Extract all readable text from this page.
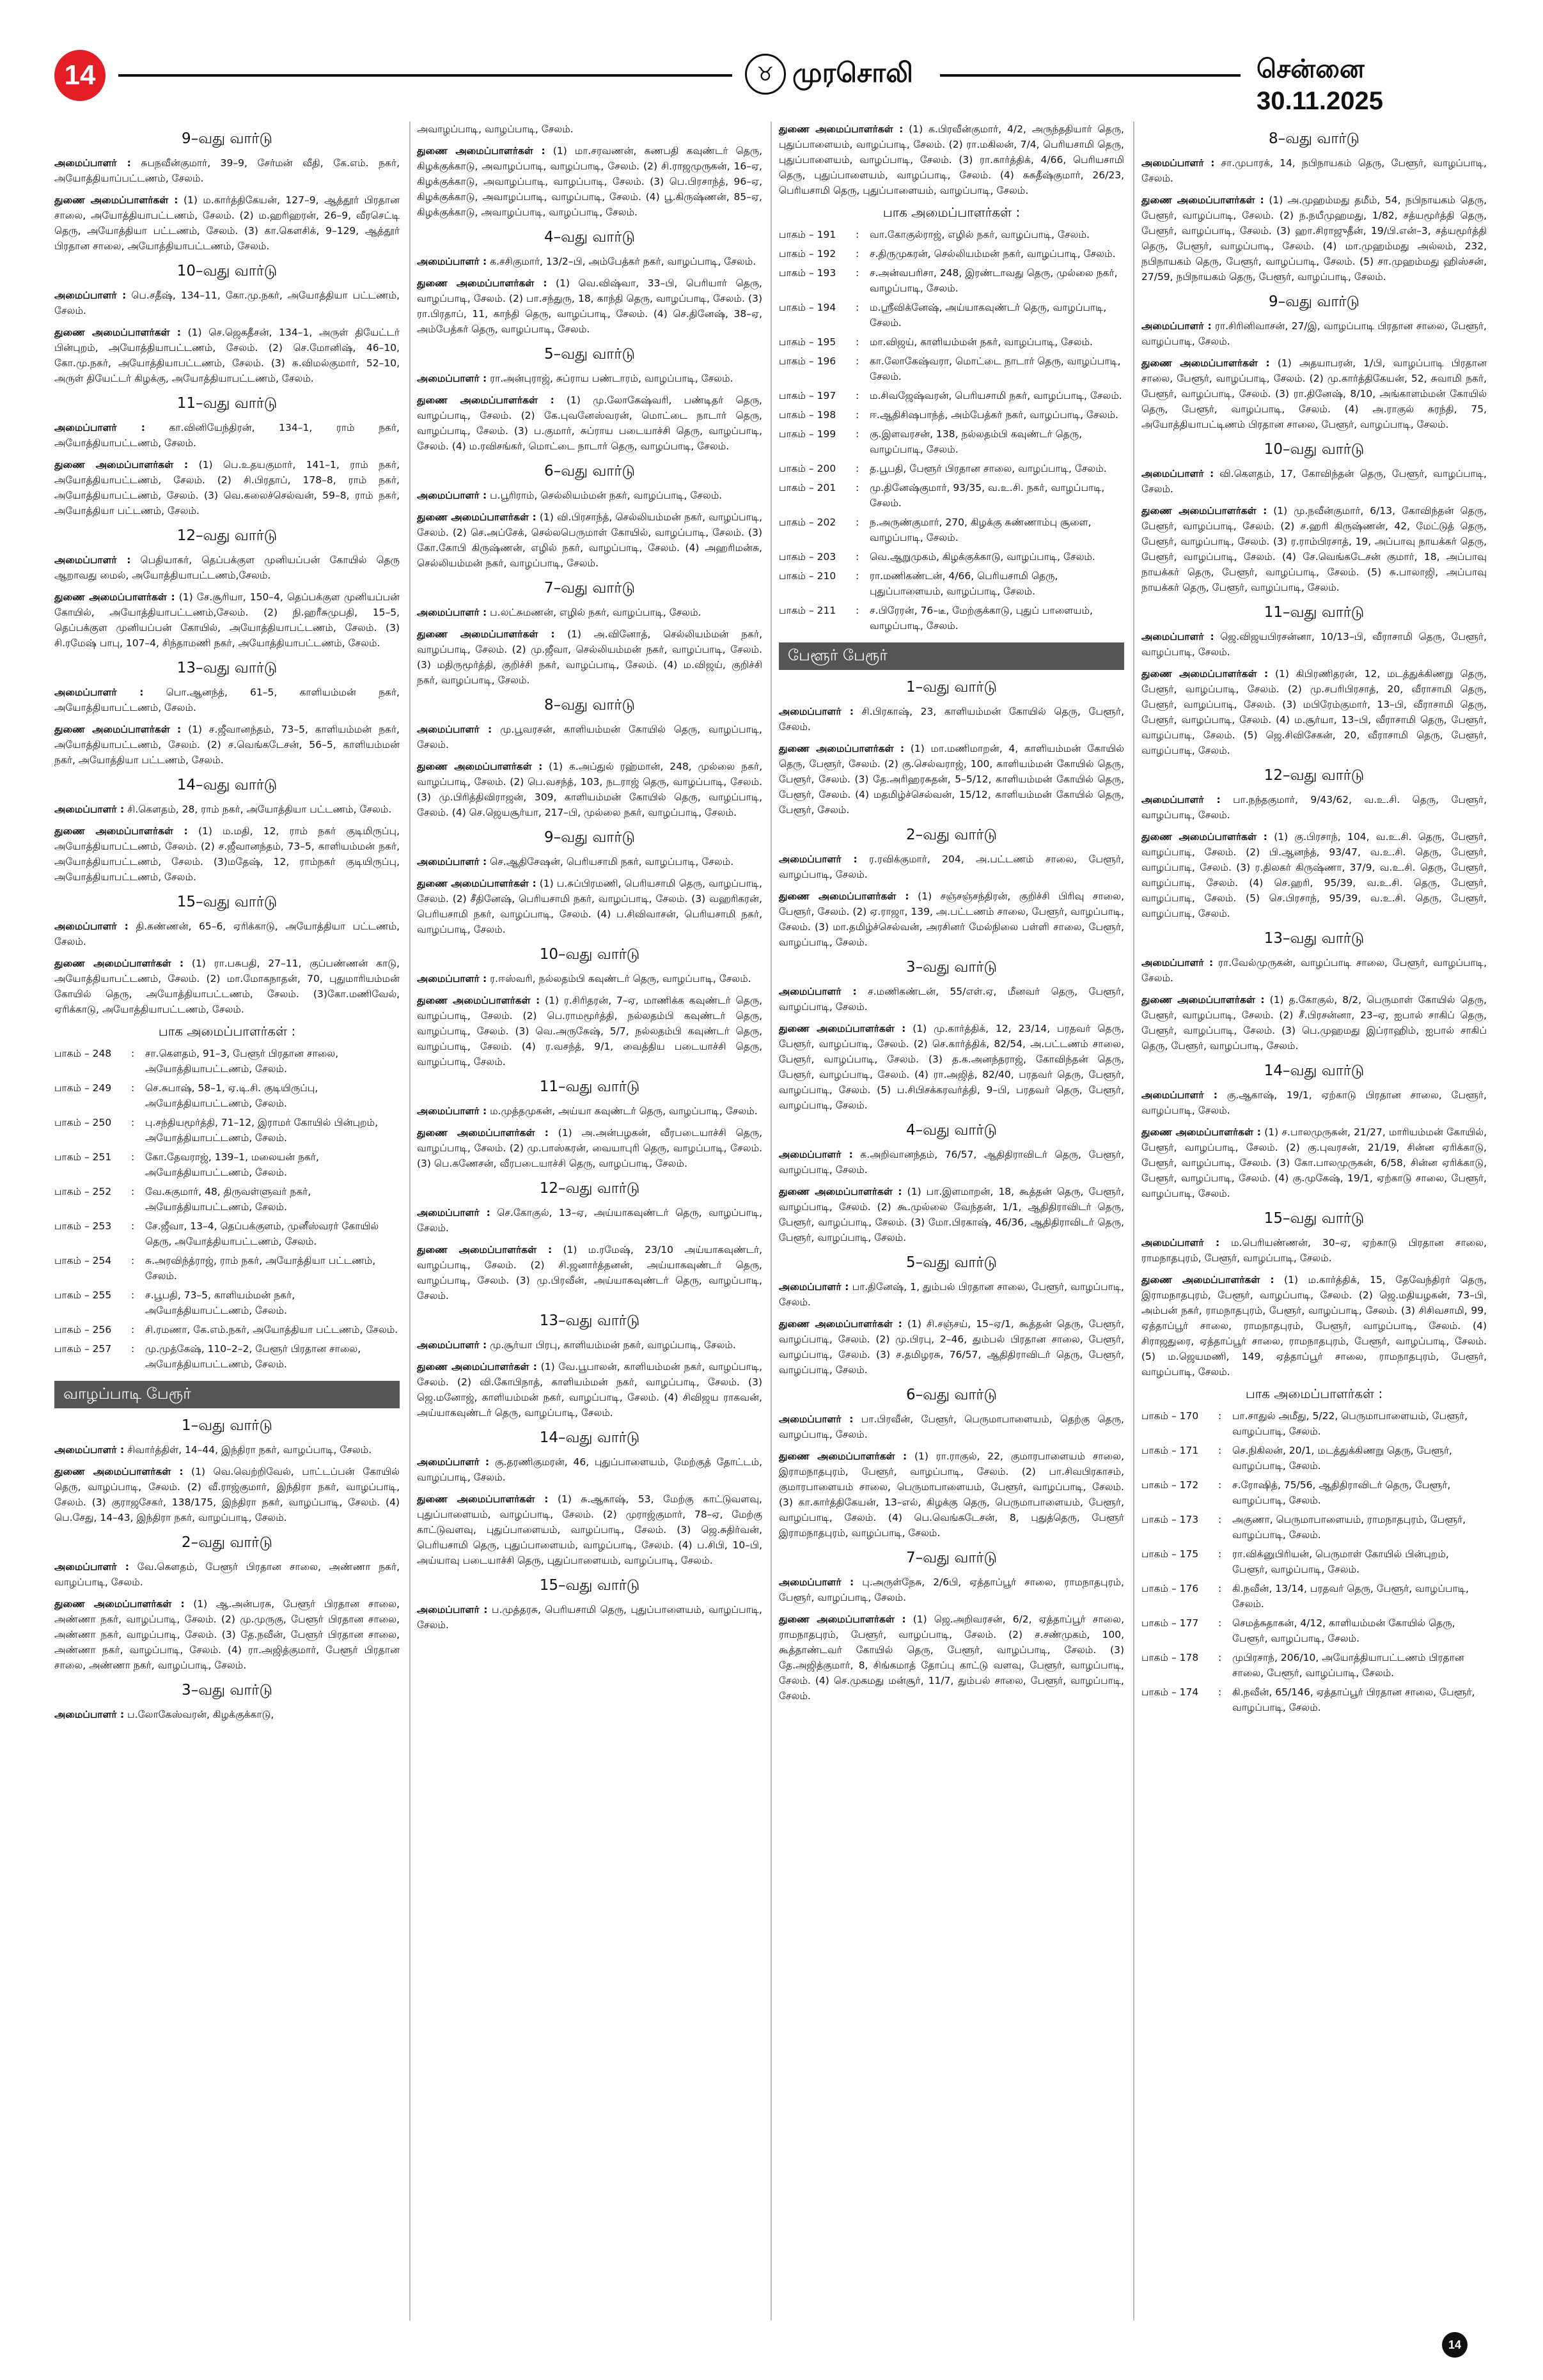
14	♉ முரசொலி	சென்னை 30.11.2025
9–வது வார்டு

அமைப்பாளர் : சுபநவீன்குமார், 39–9, சேர்மன் வீதி, கே.எம். நகர், அயோத்தியாப்பட்டணம், சேலம்.

துணை அமைப்பாளர்கள் : (1) ம.கார்த்திகேயன், 127–9, ஆத்தூர் பிரதான சாலை, அயோத்தியாபட்டணம், சேலம். (2) ம.ஹரிஹரன், 26–9, வீரசெட்டி தெரு, அயோத்தியா பட்டணம், சேலம். (3) கா.கௌசிக், 9–129, ஆத்தூர் பிரதான சாலை, அயோத்தியாபட்டணம், சேலம்.

10–வது வார்டு

அமைப்பாளர் : பெ.சதீஷ், 134–11, கோ.மு.நகர், அயோத்தியா பட்டணம், சேலம்.

துணை அமைப்பாளர்கள் : (1) செ.ஜெகதீசன், 134–1, அருள் தியேட்டர் பின்புறம், அயோத்தியாபட்டணம், சேலம். (2) செ.மோனிஷ், 46–10, கோ.மு.நகர், அயோத்தியாபட்டணம், சேலம். (3) க.விமல்குமார், 52–10, அருள் தியேட்டர் கிழக்கு, அயோத்தியாபட்டணம், சேலம்.

11–வது வார்டு

அமைப்பாளர் : கா.வினியேந்திரன், 134–1, ராம் நகர், அயோத்தியாபட்டணம், சேலம்.

துணை அமைப்பாளர்கள் : (1) பெ.உதயகுமார், 141–1, ராம் நகர், அயோத்தியாபட்டணம், சேலம். (2) சி.பிரதாப், 178–8, ராம் நகர், அயோத்தியாபட்டணம், சேலம். (3) வெ.கலைச்செல்வன், 59–8, ராம் நகர், அயோத்தியா பட்டணம், சேலம்.

12–வது வார்டு

அமைப்பாளர் : பெதியாகர், தெப்பக்குள முனியப்பன் கோயில் தெரு ஆறாவது மைல், அயோத்தியாபட்டணம்,சேலம்.

துணை அமைப்பாளர்கள் : (1) சே.சூரியா, 150–4, தெப்பக்குள முனியப்பன் கோயில், அயோத்தியாபட்டணம்,சேலம். (2) நி.ஹரீசுமுபதி, 15–5, தெப்பக்குள முனியப்பன் கோயில், அயோத்தியாபட்டணம், சேலம். (3) சி.ரமேஷ் பாபு, 107–4, சிந்தாமணி நகர், அயோத்தியாபட்டணம், சேலம்.

13–வது வார்டு

அமைப்பாளர் : பொ.ஆனந்த், 61–5, காளியம்மன் நகர், அயோத்தியாபட்டணம், சேலம்.

துணை அமைப்பாளர்கள் : (1) ச.ஜீவானந்தம், 73–5, காளியம்மன் நகர், அயோத்தியாபட்டணம், சேலம். (2) ச.வெங்கடேசன், 56–5, காளியம்மன் நகர், அயோத்தியா பட்டணம், சேலம்.

14–வது வார்டு

அமைப்பாளர் : சி.கௌதம், 28, ராம் நகர், அயோத்தியா பட்டணம், சேலம்.

துணை அமைப்பாளர்கள் : (1) ம.மதி, 12, ராம் நகர் குடிமிருப்பு, அயோத்தியாபட்டணம், சேலம். (2) ச.ஜீவானந்தம், 73–5, காளியம்மன் நகர், அயோத்தியாபட்டணம், சேலம். (3)மதேஷ், 12, ராம்நகர் குடியிருப்பு, அயோத்தியாபட்டணம், சேலம்.

15–வது வார்டு

அமைப்பாளர் : தி.கண்ணன், 65–6, ஏரிக்காடு, அயோத்தியா பட்டணம், சேலம்.

துணை அமைப்பாளர்கள் : (1) ரா.பசுபதி, 27–11, குப்பண்ணன் காடு, அயோத்தியாபட்டணம், சேலம். (2) மா.மோகநாதன், 70, புதுமாரியம்மன் கோயில் தெரு, அயோத்தியாபட்டணம், சேலம். (3)கோ.மணிவேல், ஏரிக்காடு, அயோத்தியாபட்டணம், சேலம்.

பாக அமைப்பாளர்கள் :
பாகம் – 248	:	சா.கௌதம், 91–3, பேளூர் பிரதான சாலை, அயோத்தியாபட்டணம், சேலம்.
பாகம் – 249	:	செ.சுபாஷ், 58–1, ஏ.டி.சி. குடியிருப்பு, அயோத்தியாபட்டணம், சேலம்.
பாகம் – 250	:	பு.சந்தியமூர்த்தி, 71–12, இராமர் கோயில் பின்புறம், அயோத்தியாபட்டணம், சேலம்.
பாகம் – 251	:	கோ.தேவராஜ், 139–1, மலையன் நகர், அயோத்தியாபட்டணம், சேலம்.
பாகம் – 252	:	வே.சுகுமார், 48, திருவள்ளுவர் நகர், அயோத்தியாபட்டணம், சேலம்.
பாகம் – 253	:	சே.ஜீவா, 13–4, தெப்பக்குளம், முனீஸ்வரர் கோயில் தெரு, அயோத்தியாபட்டணம், சேலம்.
பாகம் – 254	:	சு.அரவிந்த்ராஜ், ராம் நகர், அயோத்தியா பட்டணம், சேலம்.
பாகம் – 255	:	ச.பூபதி, 73–5, காளியம்மன் நகர், அயோத்தியாபட்டணம், சேலம்.
பாகம் – 256	:	சி.ரமணா, கே.எம்.நகர், அயோத்தியா பட்டணம், சேலம்.
பாகம் – 257	:	மு.முத்கேஷ், 110–2–2, பேளூர் பிரதான சாலை, அயோத்தியாபட்டணம், சேலம்.
வாழப்பாடி பேரூர்
1–வது வார்டு

அமைப்பாளர் : சிவார்த்திள், 14–44, இந்திரா நகர், வாழப்பாடி, சேலம்.

துணை அமைப்பாளர்கள் : (1) வெ.வெற்றிவேல், பாட்டப்பன் கோயில் தெரு, வாழப்பாடி, சேலம். (2) வீ.ராஜ்குமார், இந்திரா நகர், வாழப்பாடி, சேலம். (3) குராஜசேகர், 138/175, இந்திரா நகர், வாழப்பாடி, சேலம். (4) பெ.சேது, 14–43, இந்திரா நகர், வாழப்பாடி, சேலம்.

2–வது வார்டு

அமைப்பாளர் : வே.கௌதம், பேளூர் பிரதான சாலை, அண்ணா நகர், வாழப்பாடி, சேலம்.

துணை அமைப்பாளர்கள் : (1) ஆ.அன்பரசு, பேளூர் பிரதான சாலை, அண்ணா நகர், வாழப்பாடி, சேலம். (2) மு.முருகு, பேளூர் பிரதான சாலை, அண்ணா நகர், வாழப்பாடி, சேலம். (3) தே.நவீன், பேளூர் பிரதான சாலை, அண்ணா நகர், வாழப்பாடி, சேலம். (4) ரா.அஜித்குமார், பேளூர் பிரதான சாலை, அண்ணா நகர், வாழப்பாடி, சேலம்.

3–வது வார்டு

அமைப்பாளர் : ப.லோகேஸ்வரன், கிழக்குக்காடு,

அவாழப்பாடி, வாழப்பாடி, சேலம்.

துணை அமைப்பாளர்கள் : (1) மா.சரவணன், கணபதி கவுண்டர் தெரு, கிழக்குக்காடு, அவாழப்பாடி, வாழப்பாடி, சேலம். (2) சி.ராஜமுருகன், 16–ஏ, கிழக்குக்காடு, அவாழப்பாடி, வாழப்பாடி, சேலம். (3) பெ.பிரசாந்த், 96–ஏ, கிழக்குக்காடு, அவாழப்பாடி, வாழப்பாடி, சேலம். (4) பூ.கிருஷ்ணன், 85–ஏ, கிழக்குக்காடு, அவாழப்பாடி, வாழப்பாடி, சேலம்.

4–வது வார்டு

அமைப்பாளர் : க.சசிகுமார், 13/2–பி, அம்பேத்கர் நகர், வாழப்பாடி, சேலம்.

துணை அமைப்பாளர்கள் : (1) வெ.விஷ்வா, 33–பி, பெரியார் தெரு, வாழப்பாடி, சேலம். (2) பா.சந்துரு, 18, காந்தி தெரு, வாழப்பாடி, சேலம். (3) ரா.பிரதாப், 11, காந்தி தெரு, வாழப்பாடி, சேலம். (4) செ.தினேஷ், 38–ஏ, அம்பேத்கர் தெரு, வாழப்பாடி, சேலம்.

5–வது வார்டு

அமைப்பாளர் : ரா.அன்புராஜ், சுப்ராய பண்டாரம், வாழப்பாடி, சேலம்.

துணை அமைப்பாளர்கள் : (1) மு.லோகேஷ்வரி, பண்டிதர் தெரு, வாழப்பாடி, சேலம். (2) கே.புவனேஸ்வரன், மொட்டை நாடார் தெரு, வாழப்பாடி, சேலம். (3) ப.குமார், சுப்ராய படையாச்சி தெரு, வாழப்பாடி, சேலம். (4) ம.ரவிசங்கர், மொட்டை நாடார் தெரு, வாழப்பாடி, சேலம்.

6–வது வார்டு

அமைப்பாளர் : ப.பூரிராம், செல்லியம்மன் நகர், வாழப்பாடி, சேலம்.

துணை அமைப்பாளர்கள் : (1) வி.பிரசாந்த், செல்லியம்மன் நகர், வாழப்பாடி, சேலம். (2) செ.அப்சேக், செல்லபெருமாள் கோயில், வாழப்பாடி, சேலம். (3) கோ.கோபி கிருஷ்ணன், எழில் நகர், வாழப்பாடி, சேலம். (4) அஹரிமன்சு, செல்லியம்மன் நகர், வாழப்பாடி, சேலம்.

7–வது வார்டு

அமைப்பாளர் : ப.லட்சுமணன், எழில் நகர், வாழப்பாடி, சேலம்.

துணை அமைப்பாளர்கள் : (1) அ.வினோத், செல்லியம்மன் நகர், வாழப்பாடி, சேலம். (2) மு.ஜீவா, செல்லியம்மன் நகர், வாழப்பாடி, சேலம். (3) மதிருமூர்த்தி, குறிச்சி நகர், வாழப்பாடி, சேலம். (4) ம.விஜய், குறிச்சி நகர், வாழப்பாடி, சேலம்.

8–வது வார்டு

அமைப்பாளர் : மு.பூவரசன், காளியம்மன் கோயில் தெரு, வாழப்பாடி, சேலம்.

துணை அமைப்பாளர்கள் : (1) க.அப்துல் ரஹ்மான், 248, முல்லை நகர், வாழப்பாடி, சேலம். (2) பெ.வசந்த், 103, நடராஜ் தெரு, வாழப்பாடி, சேலம். (3) மு.பிரித்திவிராஜன், 309, காளியம்மன் கோயில் தெரு, வாழப்பாடி, சேலம். (4) செ.ஜெயசூர்யா, 217–பி, முல்லை நகர், வாழப்பாடி, சேலம்.

9–வது வார்டு

அமைப்பாளர் : செ.ஆதிசேஷன், பெரியசாமி நகர், வாழப்பாடி, சேலம்.

துணை அமைப்பாளர்கள் : (1) ப.சுப்பிரமணி, பெரியசாமி தெரு, வாழப்பாடி, சேலம். (2) சீதினேஷ், பெரியசாமி நகர், வாழப்பாடி, சேலம். (3) வஹரிகரன், பெரியசாமி நகர், வாழப்பாடி, சேலம். (4) ப.சிவிவாசன், பெரியசாமி நகர், வாழப்பாடி, சேலம்.

10–வது வார்டு

அமைப்பாளர் : ர.ஈஸ்வரி, நல்லதம்பி கவுண்டர் தெரு, வாழப்பாடி, சேலம்.

துணை அமைப்பாளர்கள் : (1) ர.சிரிதரன், 7–ஏ, மாணிக்க கவுண்டர் தெரு, வாழப்பாடி, சேலம். (2) பெ.ராமமூர்த்தி, நல்லதம்பி கவுண்டர் தெரு, வாழப்பாடி, சேலம். (3) வெ.அருகேஷ், 5/7, நல்லதம்பி கவுண்டர் தெரு, வாழப்பாடி, சேலம். (4) ர.வசந்த், 9/1, வைத்திய படையாச்சி தெரு, வாழப்பாடி, சேலம்.

11–வது வார்டு

அமைப்பாளர் : ம.முத்தமுகன், அய்யா கவுண்டர் தெரு, வாழப்பாடி, சேலம்.

துணை அமைப்பாளர்கள் : (1) அ.அன்பழகன், வீரபடையாச்சி தெரு, வாழப்பாடி, சேலம். (2) மு.பாஸ்கரன், வையாபுரி தெரு, வாழப்பாடி, சேலம். (3) பெ.கணேசன், வீரபடையாச்சி தெரு, வாழப்பாடி, சேலம்.

12–வது வார்டு

அமைப்பாளர் : செ.கோகுல், 13–ஏ, அய்யாகவுண்டர் தெரு, வாழப்பாடி, சேலம்.

துணை அமைப்பாளர்கள் : (1) ம.ரமேஷ், 23/10 அய்யாகவுண்டர், வாழப்பாடி, சேலம். (2) சி.ஜனார்த்தனன், அய்யாகவுண்டர் தெரு, வாழப்பாடி, சேலம். (3) மு.பிரவீன், அய்யாகவுண்டர் தெரு, வாழப்பாடி, சேலம்.

13–வது வார்டு

அமைப்பாளர் : மு.சூர்யா பிரபு, காளியம்மன் நகர், வாழப்பாடி, சேலம்.

துணை அமைப்பாளர்கள் : (1) வே.பூபாலன், காளியம்மன் நகர், வாழப்பாடி, சேலம். (2) வி.கோபிநாத், காளியம்மன் நகர், வாழப்பாடி, சேலம். (3) ஜெ.மனோஜ், காளியம்மன் நகர், வாழப்பாடி, சேலம். (4) சிவிஜய ராகவன், அய்யாகவுண்டர் தெரு, வாழப்பாடி, சேலம்.

14–வது வார்டு

அமைப்பாளர் : கு.தரணிகுமரன், 46, புதுப்பாளையம், மேற்குத் தோட்டம், வாழப்பாடி, சேலம்.

துணை அமைப்பாளர்கள் : (1) சு.ஆகாஷ், 53, மேற்கு காட்டுவளவு, புதுப்பாளையம், வாழப்பாடி, சேலம். (2) முராஜ்குமார், 78–ஏ, மேற்கு காட்டுவளவு, புதுப்பாளையம், வாழப்பாடி, சேலம். (3) ஜெ.சுதிர்வன், பெரியசாமி தெரு, புதுப்பாளையம், வாழப்பாடி, சேலம். (4) ப.சிபி, 10–பி, அய்யாவு படையாச்சி தெரு, புதுப்பாளையம், வாழப்பாடி, சேலம்.

15–வது வார்டு

அமைப்பாளர் : ப.முத்தரசு, பெரியசாமி தெரு, புதுப்பாளையம், வாழப்பாடி, சேலம்.

துணை அமைப்பாளர்கள் : (1) க.பிரவீன்குமார், 4/2, அருந்ததியார் தெரு, புதுப்பாளையம், வாழப்பாடி, சேலம். (2) ரா.மகிலன், 7/4, பெரியசாமி தெரு, புதுப்பாளையம், வாழப்பாடி, சேலம். (3) ரா.கார்த்திக், 4/66, பெரியசாமி தெரு, புதுப்பாளையம், வாழப்பாடி, சேலம். (4) சுசுதீஷ்குமார், 26/23, பெரியசாமி தெரு, புதுப்பாளையம், வாழப்பாடி, சேலம்.

பாக அமைப்பாளர்கள் :
பாகம் – 191	:	வா.கோகுல்ராஜ், எழில் நகர், வாழப்பாடி, சேலம்.
பாகம் – 192	:	ச.திருமுகரன், செல்லியம்மன் நகர், வாழப்பாடி, சேலம்.
பாகம் – 193	:	ச.அன்வபரிசா, 248, இரண்டாவது தெரு, முல்லை நகர், வாழப்பாடி, சேலம்.
பாகம் – 194	:	ம.ஸ்ரீவிக்னேஷ், அய்யாகவுண்டர் தெரு, வாழப்பாடி, சேலம்.
பாகம் – 195	:	மா.விஜய், காளியம்மன் நகர், வாழப்பாடி, சேலம்.
பாகம் – 196	:	கா.லோகேஷ்வரா, மொட்டை நாடார் தெரு, வாழப்பாடி, சேலம்.
பாகம் – 197	:	ம.சிவஜேஷ்வரன், பெரியசாமி நகர், வாழப்பாடி, சேலம்.
பாகம் – 198	:	ஈ.ஆதிசிஷபாந்த், அம்பேத்கர் நகர், வாழப்பாடி, சேலம்.
பாகம் – 199	:	கு.இளவரசன், 138, நல்லதம்பி கவுண்டர் தெரு, வாழப்பாடி, சேலம்.
பாகம் – 200	:	த.பூபதி, பேளூர் பிரதான சாலை, வாழப்பாடி, சேலம்.
பாகம் – 201	:	மு.தினேஷ்குமார், 93/35, வ.உ.சி. நகர், வாழப்பாடி, சேலம்.
பாகம் – 202	:	ந.அருண்குமார், 270, கிழக்கு சுண்ணாம்பு சூளை, வாழப்பாடி, சேலம்.
பாகம் – 203	:	வெ.ஆறுமுகம், கிழக்குக்காடு, வாழப்பாடி, சேலம்.
பாகம் – 210	:	ரா.மணிகண்டன், 4/66, பெரியசாமி தெரு, புதுப்பாளையம், வாழப்பாடி, சேலம்.
பாகம் – 211	:	ச.பிரேரன், 76–டீ, மேற்குக்காடு, புதுப் பாளையம், வாழப்பாடி, சேலம்.
பேளூர் பேரூர்
1–வது வார்டு

அமைப்பாளர் : சி.பிரகாஷ், 23, காளியம்மன் கோயில் தெரு, பேளூர், சேலம்.

துணை அமைப்பாளர்கள் : (1) மா.மணிமாறன், 4, காளியம்மன் கோயில் தெரு, பேளூர், சேலம். (2) கு.செல்வராஜ், 100, காளியம்மன் கோயில் தெரு, பேளூர், சேலம். (3) தே.அரிஹரசுதன், 5–5/12, காளியம்மன் கோயில் தெரு, பேளூர், சேலம். (4) மதமிழ்ச்செல்வன், 15/12, காளியம்மன் கோயில் தெரு, பேளூர், சேலம்.

2–வது வார்டு

அமைப்பாளர் : ர.ரவிக்குமார், 204, அ.பட்டணம் சாலை, பேளூர், வாழப்பாடி, சேலம்.

துணை அமைப்பாளர்கள் : (1) சஞ்சஞ்சந்திரன், குறிச்சி பிரிவு சாலை, பேளூர், சேலம். (2) ஏ.ராஜா, 139, அ.பட்டணம் சாலை, பேளூர், வாழப்பாடி, சேலம். (3) மா.தமிழ்ச்செல்வன், அரசினர் மேல்நிலை பள்ளி சாலை, பேளூர், வாழப்பாடி, சேலம்.

3–வது வார்டு

அமைப்பாளர் : ச.மணிகண்டன், 55/எள்.ஏ, மீனவர் தெரு, பேளூர், வாழப்பாடி, சேலம்.

துணை அமைப்பாளர்கள் : (1) மு.கார்த்திக், 12, 23/14, பரதவர் தெரு, பேளூர், வாழப்பாடி, சேலம். (2) செ.கார்த்திக், 82/54, அ.பட்டணம் சாலை, பேளூர், வாழப்பாடி, சேலம். (3) த.க.அனந்தராஜ், கோவிந்தன் தெரு, பேளூர், வாழப்பாடி, சேலம். (4) ரா.அஜித், 82/40, பரதவர் தெரு, பேளூர், வாழப்பாடி, சேலம். (5) ப.சிபிசக்கரவர்த்தி, 9–பி, பரதவர் தெரு, பேளூர், வாழப்பாடி, சேலம்.

4–வது வார்டு

அமைப்பாளர் : க.அறிவானந்தம், 76/57, ஆதிதிராவிடர் தெரு, பேளூர், வாழப்பாடி, சேலம்.

துணை அமைப்பாளர்கள் : (1) பா.இளமாறன், 18, கூத்தன் தெரு, பேளூர், வாழப்பாடி, சேலம். (2) கூ.முல்லை வேந்தன், 1/1, ஆதிதிராவிடர் தெரு, பேளூர், வாழப்பாடி, சேலம். (3) மோ.பிரகாஷ், 46/36, ஆதிதிராவிடர் தெரு, பேளூர், வாழப்பாடி, சேலம்.

5–வது வார்டு

அமைப்பாளர் : பா.தினேஷ், 1, தும்பல் பிரதான சாலை, பேளூர், வாழப்பாடி, சேலம்.

துணை அமைப்பாளர்கள் : (1) சி.சஞ்சய், 15–ஏ/1, கூத்தன் தெரு, பேளூர், வாழப்பாடி, சேலம். (2) மு.பிரபு, 2–46, தும்பல் பிரதான சாலை, பேளூர், வாழப்பாடி, சேலம். (3) ச.தமிழரசு, 76/57, ஆதிதிராவிடர் தெரு, பேளூர், வாழப்பாடி, சேலம்.

6–வது வார்டு

அமைப்பாளர் : பா.பிரவீன், பேளூர், பெருமாபாளையம், தெற்கு தெரு, வாழப்பாடி, சேலம்.

துணை அமைப்பாளர்கள் : (1) ரா.ராகுல், 22, குமாரபாளையம் சாலை, இராமநாதபுரம், பேளூர், வாழப்பாடி, சேலம். (2) பா.சிவபிரகாசம், குமாரபாளையம் சாலை, பெருமாபாளையம், பேளூர், வாழப்பாடி, சேலம். (3) கா.கார்த்திகேயன், 13–எல், கிழக்கு தெரு, பெருமாபாளையம், பேளூர், வாழப்பாடி, சேலம். (4) பெ.வெங்கடேசன், 8, புதுத்தெரு, பேளூர் இராமநாதபுரம், வாழப்பாடி, சேலம்.

7–வது வார்டு

அமைப்பாளர் : பு.அருள்நேசு, 2/6பி, ஏத்தாப்பூர் சாலை, ராமநாதபுரம், பேளூர், வாழப்பாடி, சேலம்.

துணை அமைப்பாளர்கள் : (1) ஜெ.அறிவரசன், 6/2, ஏத்தாப்பூர் சாலை, ராமநாதபுரம், பேளூர், வாழப்பாடி, சேலம். (2) ச.சண்முகம், 100, கூத்தாண்டவர் கோயில் தெரு, பேளூர், வாழப்பாடி, சேலம். (3) தே.அஜித்குமார், 8, சிங்கமாத் தோப்பு காட்டு வளவு, பேளூர், வாழப்பாடி, சேலம். (4) செ.முகமது மன்சூர், 11/7, தும்பல் சாலை, பேளூர், வாழப்பாடி, சேலம்.

8–வது வார்டு

அமைப்பாளர் : சா.முபாரக், 14, நபிநாயகம் தெரு, பேளூர், வாழப்பாடி, சேலம்.

துணை அமைப்பாளர்கள் : (1) அ.முஹம்மது தமீம், 54, நபிநாயகம் தெரு, பேளூர், வாழப்பாடி, சேலம். (2) ந.நயீமுஹமது, 1/82, சத்யமூர்த்தி தெரு, பேளூர், வாழப்பாடி, சேலம். (3) ஹா.சிராஜுதீன், 19/பி.என்–3, சத்யமூர்த்தி தெரு, பேளூர், வாழப்பாடி, சேலம். (4) மா.முஹம்மது அல்லம், 232, நபிநாயகம் தெரு, பேளூர், வாழப்பாடி, சேலம். (5) சா.முஹம்மது ஹிஸ்சன், 27/59, நபிநாயகம் தெரு, பேளூர், வாழப்பாடி, சேலம்.

9–வது வார்டு

அமைப்பாளர் : ரா.சிரினிவாசன், 27/இ, வாழப்பாடி பிரதான சாலை, பேளூர், வாழப்பாடி, சேலம்.

துணை அமைப்பாளர்கள் : (1) அதயாபரன், 1/பி, வாழப்பாடி பிரதான சாலை, பேளூர், வாழப்பாடி, சேலம். (2) மு.கார்த்திகேயன், 52, சுவாமி நகர், பேளூர், வாழப்பாடி, சேலம். (3) ரா.தினேஷ், 8/10, அங்காளம்மன் கோயில் தெரு, பேளூர், வாழப்பாடி, சேலம். (4) அ.ராகுல் சுரந்தி, 75, அயோத்தியாபட்டிணம் பிரதான சாலை, பேளூர், வாழப்பாடி, சேலம்.

10–வது வார்டு

அமைப்பாளர் : வி.கௌதம், 17, கோவிந்தன் தெரு, பேளூர், வாழப்பாடி, சேலம்.

துணை அமைப்பாளர்கள் : (1) மு.நவீன்குமார், 6/13, கோவிந்தன் தெரு, பேளூர், வாழப்பாடி, சேலம். (2) ச.ஹரி கிருஷ்ணன், 42, மேட்டுத் தெரு, பேளூர், வாழப்பாடி, சேலம். (3) ர.ராம்பிரசாத், 19, அப்பாவு நாயக்கர் தெரு, பேளூர், வாழப்பாடி, சேலம். (4) சே.வெங்கடேசன் குமார், 18, அப்பாவு நாயக்கர் தெரு, பேளூர், வாழப்பாடி, சேலம். (5) சு.பாலாஜி, அப்பாவு நாயக்கர் தெரு, பேளூர், வாழப்பாடி, சேலம்.

11–வது வார்டு

அமைப்பாளர் : ஜெ.விஜயபிரசன்னா, 10/13–பி, வீராசாமி தெரு, பேளூர், வாழப்பாடி, சேலம்.

துணை அமைப்பாளர்கள் : (1) கிபிரணிதரன், 12, மடத்துக்கிணறு தெரு, பேளூர், வாழப்பாடி, சேலம். (2) மு.சபரிபிரசாத், 20, வீராசாமி தெரு, பேளூர், வாழப்பாடி, சேலம். (3) மபிரேம்குமார், 13–பி, வீராசாமி தெரு, பேளூர், வாழப்பாடி, சேலம். (4) ம.சூர்யா, 13–பி, வீராசாமி தெரு, பேளூர், வாழப்பாடி, சேலம். (5) ஜெ.சிவிசேகன், 20, வீராசாமி தெரு, பேளூர், வாழப்பாடி, சேலம்.

12–வது வார்டு

அமைப்பாளர் : பா.நந்தகுமார், 9/43/62, வ.உ.சி. தெரு, பேளூர், வாழப்பாடி, சேலம்.

துணை அமைப்பாளர்கள் : (1) கு.பிரசாந், 104, வ.உ.சி. தெரு, பேளூர், வாழப்பாடி, சேலம். (2) பி.ஆனந்த், 93/47, வ.உ.சி. தெரு, பேளூர், வாழப்பாடி, சேலம். (3) ர.திலகர் கிருஷ்ணா, 37/9, வ.உ.சி. தெரு, பேளூர், வாழப்பாடி, சேலம். (4) செ.ஹரி, 95/39, வ.உ.சி. தெரு, பேளூர், வாழப்பாடி, சேலம். (5) செ.பிரசாந், 95/39, வ.உ.சி. தெரு, பேளூர், வாழப்பாடி, சேலம்.

13–வது வார்டு

அமைப்பாளர் : ரா.வேல்முருகன், வாழப்பாடி சாலை, பேளூர், வாழப்பாடி, சேலம்.

துணை அமைப்பாளர்கள் : (1) த.கோகுல், 8/2, பெருமாள் கோயில் தெரு, பேளூர், வாழப்பாடி, சேலம். (2) சீ.பிரசன்னா, 23–ஏ, ஐபால் சாகிப் தெரு, பேளூர், வாழப்பாடி, சேலம். (3) பெ.முஹமது இப்ராஹிம், ஐபால் சாகிப் தெரு, பேளூர், வாழப்பாடி, சேலம்.

14–வது வார்டு

அமைப்பாளர் : கு.ஆகாஷ், 19/1, ஏற்காடு பிரதான சாலை, பேளூர், வாழப்பாடி, சேலம்.

துணை அமைப்பாளர்கள் : (1) ச.பாலமுருகன், 21/27, மாரியம்மன் கோயில், பேளூர், வாழப்பாடி, சேலம். (2) கு.புவரசன், 21/19, சின்ன ஏரிக்காடு, பேளூர், வாழப்பாடி, சேலம். (3) கோ.பாலமுருகன், 6/58, சின்ன ஏரிக்காடு, பேளூர், வாழப்பாடி, சேலம். (4) கு.முகேஷ், 19/1, ஏற்காடு சாலை, பேளூர், வாழப்பாடி, சேலம்.

15–வது வார்டு

அமைப்பாளர் : ம.பெரியண்ணன், 30–ஏ, ஏற்காடு பிரதான சாலை, ராமநாதபுரம், பேளூர், வாழப்பாடி, சேலம்.

துணை அமைப்பாளர்கள் : (1) ம.கார்த்திக், 15, தேவேந்திரர் தெரு, இராமநாதபுரம், பேளூர், வாழப்பாடி, சேலம். (2) ஜெ.மதியழகன், 73–பி, அம்பன் நகர், ராமநாதபுரம், பேளூர், வாழப்பாடி, சேலம். (3) சிசிவசாமி, 99, ஏத்தாப்பூர் சாலை, ராமநாதபுரம், பேளூர், வாழப்பாடி, சேலம். (4) சிராஜதுரை, ஏத்தாப்பூர் சாலை, ராமநாதபுரம், பேளூர், வாழப்பாடி, சேலம். (5) ம.ஜெயமணி, 149, ஏத்தாப்பூர் சாலை, ராமநாதபுரம், பேளூர், வாழப்பாடி, சேலம்.

பாக அமைப்பாளர்கள் :
பாகம் – 170	:	பா.சாதுல் அமீது, 5/22, பெருமாபாளையம், பேளூர், வாழப்பாடி, சேலம்.
பாகம் – 171	:	செ.நிகிலன், 20/1, மடத்துக்கிணறு தெரு, பேளூர், வாழப்பாடி, சேலம்.
பாகம் – 172	:	ச.ரோஷித், 75/56, ஆதிதிராவிடர் தெரு, பேளூர், வாழப்பாடி, சேலம்.
பாகம் – 173	:	அகுணா, பெருமாபாளையம், ராமநாதபுரம், பேளூர், வாழப்பாடி, சேலம்.
பாகம் – 175	:	ரா.விக்னுபிரியன், பெருமாள் கோயில் பின்புறம், பேளூர், வாழப்பாடி, சேலம்.
பாகம் – 176	:	கி.நவீன், 13/14, பரதவர் தெரு, பேளூர், வாழப்பாடி, சேலம்.
பாகம் – 177	:	செமத்சுதாகன், 4/12, காளியம்மன் கோயில் தெரு, பேளூர், வாழப்பாடி, சேலம்.
பாகம் – 178	:	முபிரசாந், 206/10, அயோத்தியாபட்டணம் பிரதான சாலை, பேளூர், வாழப்பாடி, சேலம்.
பாகம் – 174	:	கி.நவீன், 65/146, ஏத்தாப்பூர் பிரதான சாலை, பேளூர், வாழப்பாடி, சேலம்.
14
